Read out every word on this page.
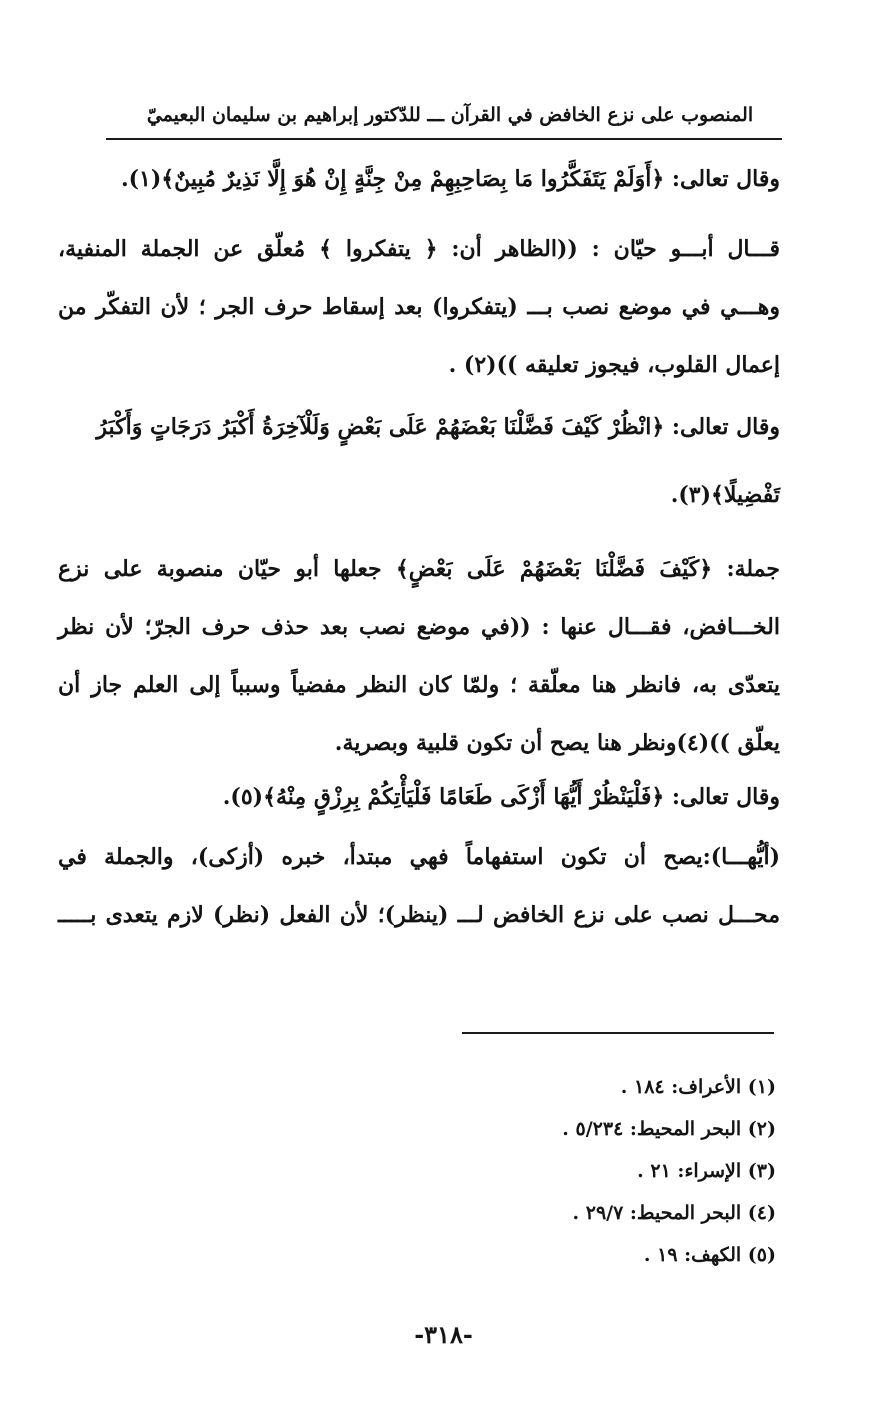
المنصوب على نزع الخافض في القرآن ـــ للدّكتور إبراهيم بن سليمان البعيميّ
وقال تعالى: ﴿أَوَلَمْ يَتَفَكَّرُوا مَا بِصَاحِبِهِمْ مِنْ جِنَّةٍ إِنْ هُوَ إِلَّا نَذِيرٌ مُبِينٌ﴾(١).
قـــال أبـــو حيّان : ((الظاهر أن: ﴿ يتفكروا ﴾ مُعلّق عن الجملة المنفية،
وهـــي في موضع نصب بـــ (يتفكروا) بعد إسقاط حرف الجر ؛ لأن التفكّر من
إعمال القلوب، فيجوز تعليقه ))(٢) .
وقال تعالى: ﴿انْظُرْ كَيْفَ فَضَّلْنَا بَعْضَهُمْ عَلَى بَعْضٍ وَلَلْآخِرَةُ أَكْبَرُ دَرَجَاتٍ وَأَكْبَرُ
تَفْضِيلًا﴾(٣).
جملة: ﴿كَيْفَ فَضَّلْنَا بَعْضَهُمْ عَلَى بَعْضٍ﴾ جعلها أبو حيّان منصوبة على نزع
الخـــافض، فقـــال عنها : ((في موضع نصب بعد حذف حرف الجرّ؛ لأن نظر
يتعدّى به، فانظر هنا معلّقة ؛ ولمّا كان النظر مفضياً وسبباً إلى العلم جاز أن
يعلّق ))(٤)ونظر هنا يصح أن تكون قلبية وبصرية.
وقال تعالى: ﴿فَلْيَنْظُرْ أَيُّهَا أَزْكَى طَعَامًا فَلْيَأْتِكُمْ بِرِزْقٍ مِنْهُ﴾(٥).
(أيُّهـــا):يصح أن تكون استفهاماً فهي مبتدأ، خبره (أزكى)، والجملة في
محـــل نصب على نزع الخافض لـــ (ينظر)؛ لأن الفعل (نظر) لازم يتعدى بـــــ
(١) الأعراف: ١٨٤ .
(٢) البحر المحيط: ٥/٢٣٤ .
(٣) الإسراء: ٢١ .
(٤) البحر المحيط: ٢٩/٧ .
(٥) الكهف: ١٩ .
-٣١٨-
